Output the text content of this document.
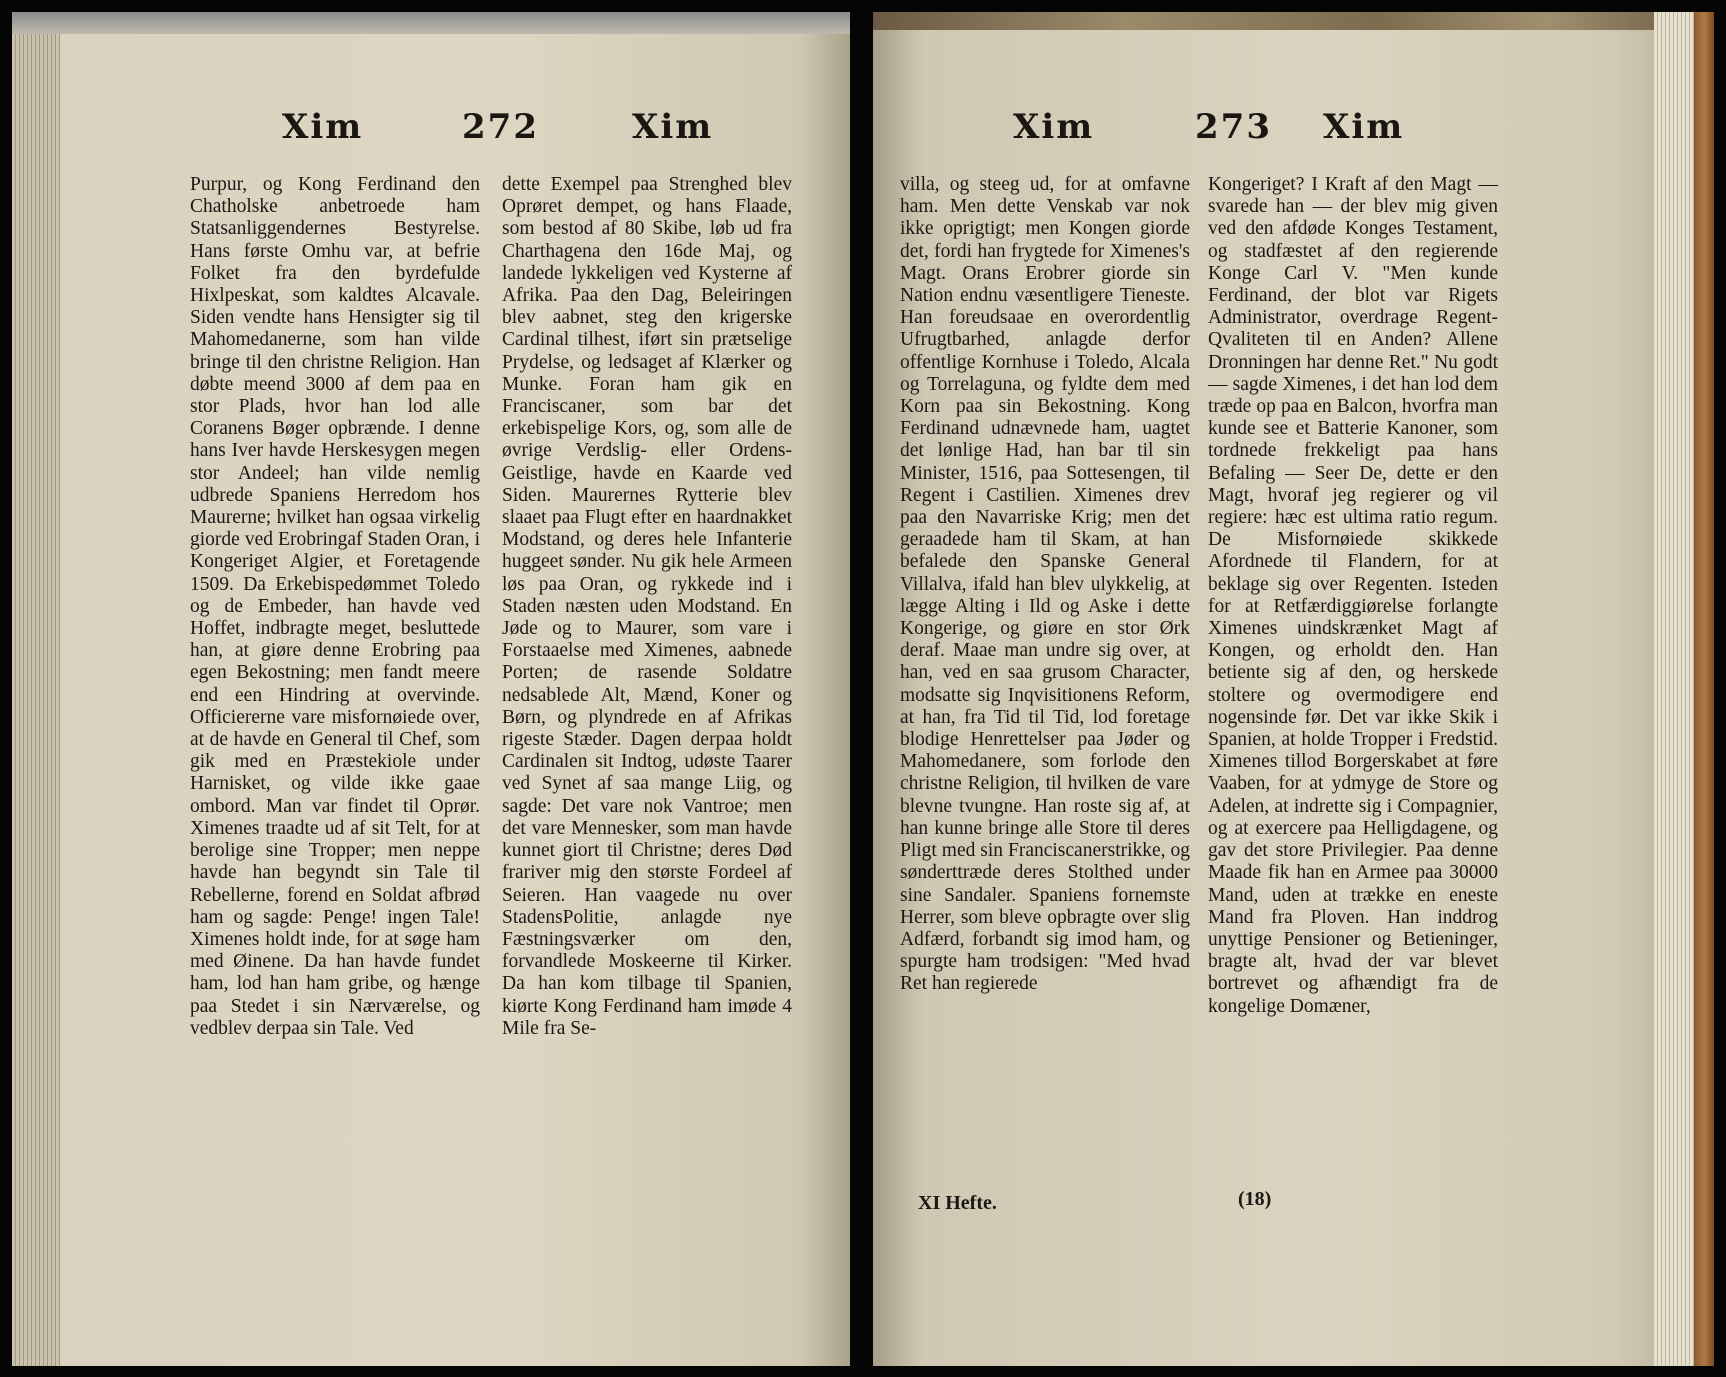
Xim	272	Xim

Purpur, og Kong Ferdinand den Chatholske anbetroede ham Statsanliggendernes Bestyrelse. Hans første Omhu var, at befrie Folket fra den byrdefulde Hixlpeskat, som kaldtes Alcavale. Siden vendte hans Hensigter sig til Mahomedanerne, som han vilde bringe til den christne Religion. Han døbte meend 3000 af dem paa en stor Plads, hvor han lod alle Coranens Bøger opbrænde. I denne hans Iver havde Herskesygen megen stor Andeel; han vilde nemlig udbrede Spaniens Herredom hos Maurerne; hvilket han ogsaa virkelig giorde ved Erobringaf Staden Oran, i Kongeriget Algier, et Foretagende 1509. Da Erkebispedømmet Toledo og de Embeder, han havde ved Hoffet, indbragte meget, besluttede han, at giøre denne Erobring paa egen Bekostning; men fandt meere end een Hindring at overvinde. Officiererne vare misfornøiede over, at de havde en General til Chef, som gik med en Præstekiole under Harnisket, og vilde ikke gaae ombord. Man var findet til Oprør. Ximenes traadte ud af sit Telt, for at berolige sine Tropper; men neppe havde han begyndt sin Tale til Rebellerne, forend en Soldat afbrød ham og sagde: Penge! ingen Tale! Ximenes holdt inde, for at søge ham med Øinene. Da han havde fundet ham, lod han ham gribe, og hænge paa Stedet i sin Nærværelse, og vedblev derpaa sin Tale. Ved

dette Exempel paa Strenghed blev Oprøret dempet, og hans Flaade, som bestod af 80 Skibe, løb ud fra Charthagena den 16de Maj, og landede lykkeligen ved Kysterne af Afrika. Paa den Dag, Beleiringen blev aabnet, steg den krigerske Cardinal tilhest, iført sin prætselige Prydelse, og ledsaget af Klærker og Munke. Foran ham gik en Franciscaner, som bar det erkebispelige Kors, og, som alle de øvrige Verdslig- eller Ordens-Geistlige, havde en Kaarde ved Siden. Maurernes Rytterie blev slaaet paa Flugt efter en haardnakket Modstand, og deres hele Infanterie huggeet sønder. Nu gik hele Armeen løs paa Oran, og rykkede ind i Staden næsten uden Modstand. En Jøde og to Maurer, som vare i Forstaaelse med Ximenes, aabnede Porten; de rasende Soldatre nedsablede Alt, Mænd, Koner og Børn, og plyndrede en af Afrikas rigeste Stæder. Dagen derpaa holdt Cardinalen sit Indtog, udøste Taarer ved Synet af saa mange Liig, og sagde: Det vare nok Vantroe; men det vare Mennesker, som man havde kunnet giort til Christne; deres Død frariver mig den største Fordeel af Seieren. Han vaagede nu over StadensPolitie, anlagde nye Fæstningsværker om den, forvandlede Moskeerne til Kirker. Da han kom tilbage til Spanien, kiørte Kong Ferdinand ham imøde 4 Mile fra Se-

Xim	273 Xim

villa, og steeg ud, for at omfavne ham. Men dette Venskab var nok ikke oprigtigt; men Kongen giorde det, fordi han frygtede for Ximenes's Magt. Orans Erobrer giorde sin Nation endnu væsentligere Tieneste. Han foreudsaae en overordentlig Ufrugtbarhed, anlagde derfor offentlige Kornhuse i Toledo, Alcala og Torrelaguna, og fyldte dem med Korn paa sin Bekostning. Kong Ferdinand udnævnede ham, uagtet det lønlige Had, han bar til sin Minister, 1516, paa Sottesengen, til Regent i Castilien. Ximenes drev paa den Navarriske Krig; men det geraadede ham til Skam, at han befalede den Spanske General Villalva, ifald han blev ulykkelig, at lægge Alting i Ild og Aske i dette Kongerige, og giøre en stor Ørk deraf. Maae man undre sig over, at han, ved en saa grusom Character, modsatte sig Inqvisitionens Reform, at han, fra Tid til Tid, lod foretage blodige Henrettelser paa Jøder og Mahomedanere, som forlode den christne Religion, til hvilken de vare blevne tvungne. Han roste sig af, at han kunne bringe alle Store til deres Pligt med sin Franciscanerstrikke, og sønderttræde deres Stolthed under sine Sandaler. Spaniens fornemste Herrer, som bleve opbragte over slig Adfærd, forbandt sig imod ham, og spurgte ham trodsigen: "Med hvad Ret han regierede

Kongeriget? I Kraft af den Magt — svarede han — der blev mig given ved den afdøde Konges Testament, og stadfæstet af den regierende Konge Carl V. "Men kunde Ferdinand, der blot var Rigets Administrator, overdrage Regent-Qvaliteten til en Anden? Allene Dronningen har denne Ret." Nu godt — sagde Ximenes, i det han lod dem træde op paa en Balcon, hvorfra man kunde see et Batterie Kanoner, som tordnede frekkeligt paa hans Befaling — Seer De, dette er den Magt, hvoraf jeg regierer og vil regiere: hæc est ultima ratio regum. De Misfornøiede skikkede Afordnede til Flandern, for at beklage sig over Regenten. Isteden for at Retfærdiggiørelse forlangte Ximenes uindskrænket Magt af Kongen, og erholdt den. Han betiente sig af den, og herskede stoltere og overmodigere end nogensinde før. Det var ikke Skik i Spanien, at holde Tropper i Fredstid. Ximenes tillod Borgerskabet at føre Vaaben, for at ydmyge de Store og Adelen, at indrette sig i Compagnier, og at exercere paa Helligdagene, og gav det store Privilegier. Paa denne Maade fik han en Armee paa 30000 Mand, uden at trække en eneste Mand fra Ploven. Han inddrog unyttige Pensioner og Betieninger, bragte alt, hvad der var blevet bortrevet og afhændigt fra de kongelige Domæner,

XI Hefte.	(18)
